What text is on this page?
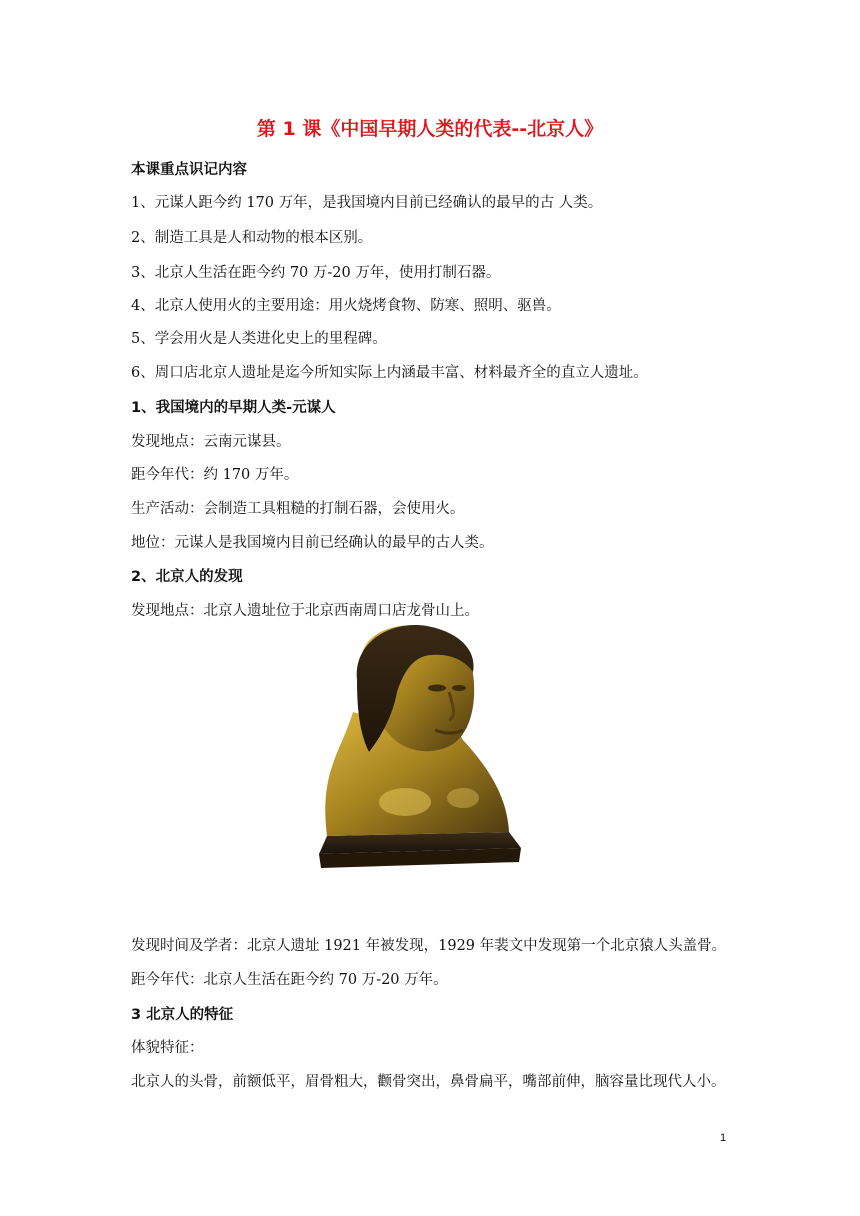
第 1 课《中国早期人类的代表--北京人》
本课重点识记内容
1、元谋人距今约 170 万年，是我国境内目前已经确认的最早的古 人类。
2、制造工具是人和动物的根本区别。
3、北京人生活在距今约 70 万-20 万年，使用打制石器。
4、北京人使用火的主要用途：用火烧烤食物、防寒、照明、驱兽。
5、学会用火是人类进化史上的里程碑。
6、周口店北京人遗址是迄今所知实际上内涵最丰富、材料最齐全的直立人遗址。
1、我国境内的早期人类-元谋人
发现地点：云南元谋县。
距今年代：约 170 万年。
生产活动：会制造工具粗糙的打制石器，会使用火。
地位：元谋人是我国境内目前已经确认的最早的古人类。
2、北京人的发现
发现地点：北京人遗址位于北京西南周口店龙骨山上。
发现时间及学者：北京人遗址 1921 年被发现，1929 年裴文中发现第一个北京猿人头盖骨。
距今年代：北京人生活在距今约 70 万-20 万年。
3 北京人的特征
体貌特征：
北京人的头骨，前额低平，眉骨粗大，颧骨突出，鼻骨扁平，嘴部前伸，脑容量比现代人小。
1
